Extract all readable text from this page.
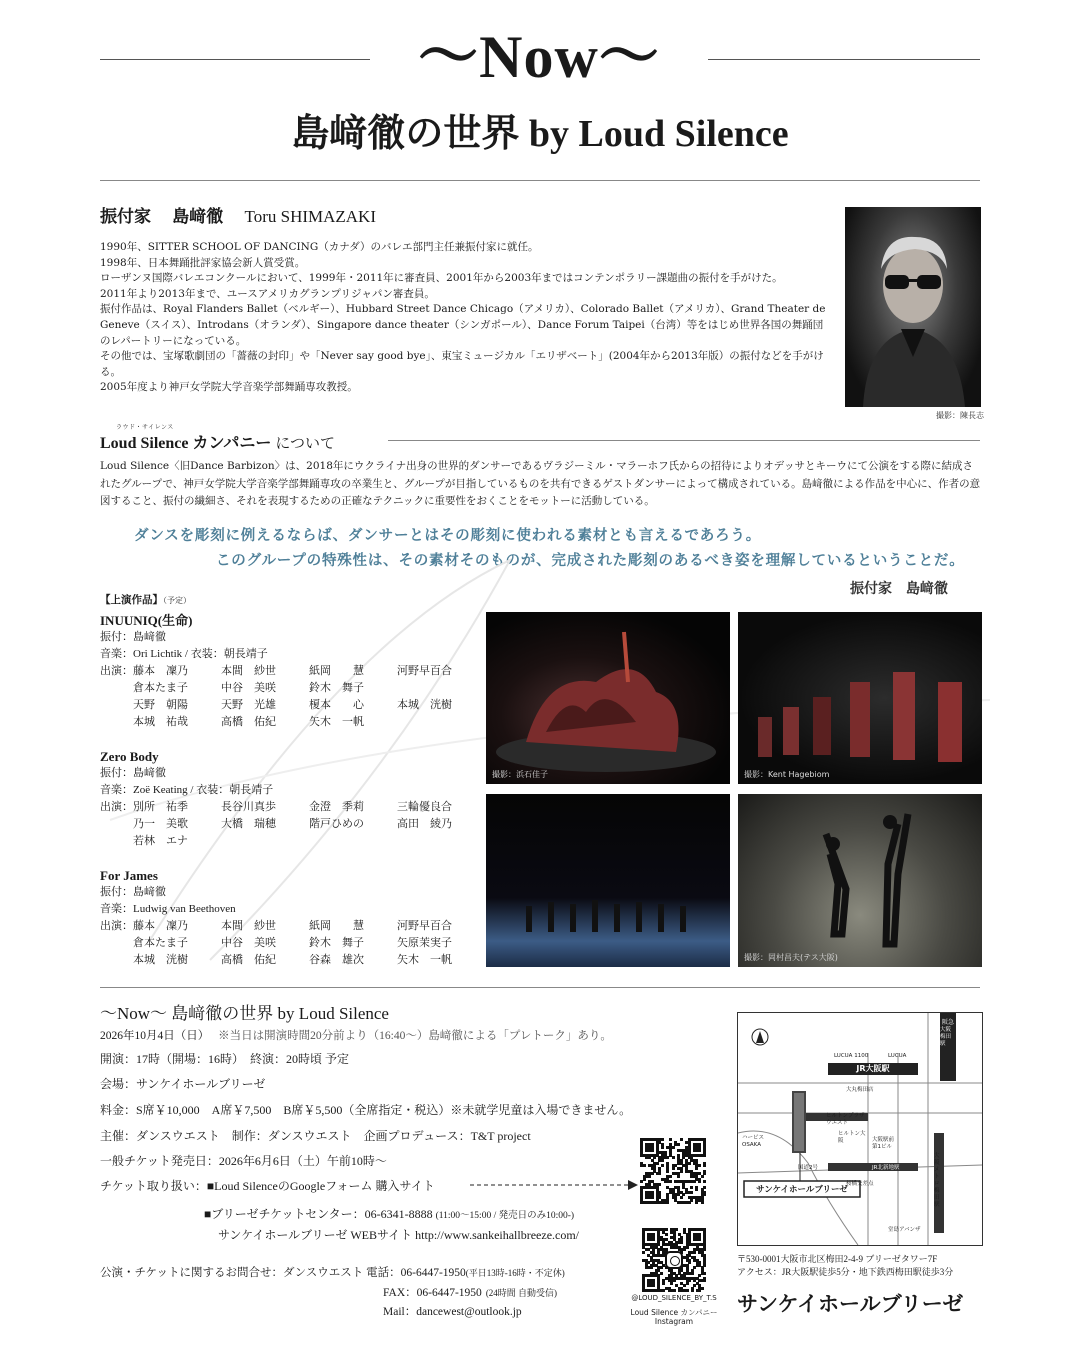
〜Now〜
島﨑徹の世界 by Loud Silence
振付家　 島﨑徹　 Toru SHIMAZAKI

1990年、SITTER SCHOOL OF DANCING（カナダ）のバレエ部門主任兼振付家に就任。

1998年、日本舞踊批評家協会新人賞受賞。

ローザンヌ国際バレエコンクールにおいて、1999年・2011年に審査員、2001年から2003年まではコンテンポラリー課題曲の振付を手がけた。

2011年より2013年まで、ユースアメリカグランプリジャパン審査員。

振付作品は、Royal Flanders Ballet（ベルギー）、Hubbard Street Dance Chicago（アメリカ）、Colorado Ballet（アメリカ）、Grand Theater de Geneve（スイス）、Introdans（オランダ）、Singapore dance theater（シンガポール）、Dance Forum Taipei（台湾）等をはじめ世界各国の舞踊団のレパートリーになっている。

その他では、宝塚歌劇団の「薔薇の封印」や「Never say good bye」、東宝ミュージカル「エリザベート」(2004年から2013年版）の振付などを手がける。

2005年度より神戸女学院大学音楽学部舞踊専攻教授。

撮影：陳長志
ラウド・サイレンス
Loud Silence カンパニー について
Loud Silence〈旧Dance Barbizon〉は、2018年にウクライナ出身の世界的ダンサーであるヴラジーミル・マラーホフ氏からの招待によりオデッサとキーウにて公演をする際に結成されたグループで、神戸女学院大学音楽学部舞踊専攻の卒業生と、グループが目指しているものを共有できるゲストダンサーによって構成されている。島﨑徹による作品を中心に、作者の意図すること、振付の繊細さ、それを表現するための正確なテクニックに重要性をおくことをモットーに活動している。
ダンスを彫刻に例えるならば、ダンサーとはその彫刻に使われる素材とも言えるであろう。
このグループの特殊性は、その素材そのものが、完成された彫刻のあるべき姿を理解しているということだ。
振付家　島﨑徹
【上演作品】（予定）
INUUNIQ(生命)
振付：島﨑徹
音楽：Ori Lichtik / 衣装：朝長靖子
出演：	藤本　凜乃	本間　紗世	紙岡　　慧	河野早百合
	倉本たま子	中谷　美咲	鈴木　舞子	
	天野　朝陽	天野　光雄	榎本　　心	本城　洸樹
	本城　祐哉	高橋　佑紀	矢木　一帆	
Zero Body
振付：島﨑徹
音楽：Zoë Keating / 衣装：朝長靖子
出演：	別所　祐季	長谷川真歩	金澄　季莉	三輪優良合
	乃一　美歌	大橋　瑞穂	階戸ひめの	高田　綾乃
	若林　エナ			
For James
振付：島﨑徹
音楽：Ludwig van Beethoven
出演：	藤本　凜乃	本間　紗世	紙岡　　慧	河野早百合
	倉本たま子	中谷　美咲	鈴木　舞子	矢原茉実子
	本城　洸樹	高橋　佑紀	谷森　雄次	矢木　一帆
撮影：浜石佳子	撮影：Kent Hagebiom
撮影：岡村昌夫(テス大阪)
〜Now〜 島﨑徹の世界 by Loud Silence
2026年10月4日（日） ※当日は開演時間20分前より（16:40〜）島﨑徹による「プレトーク」あり。
開演：17時（開場：16時）　終演：20時頃 予定
会場：サンケイホールブリーゼ
料金：S席￥10,000　A席￥7,500　B席￥5,500（全席指定・税込）※未就学児童は入場できません。
主催：ダンスウエスト　制作：ダンスウエスト　企画プロデュース：T&T project
一般チケット発売日：2026年6月6日（土）午前10時〜
チケット取り扱い：■Loud SilenceのGoogleフォーム 購入サイト
■ブリーゼチケットセンター：06-6341-8888 (11:00〜15:00 / 発売日のみ10:00-)
サンケイホールブリーゼ WEBサイト http://www.sankeihallbreeze.com/
公演・チケットに関するお問合せ：ダンスウエスト 電話：06-6447-1950(平日13時-16時・不定休)
FAX：06-6447-1950 (24時間 自動受信)
Mail：dancewest@outlook.jp
@LOUD_SILENCE_BY_T.S
Loud Silence カンパニー
Instagram
JR大阪駅
LUCUA 1100	LUCUA
大丸梅田店
阪急
大阪梅田駅
ヒルトンプラザウエスト
ヒルトン大阪
ハービスOSAKA
大阪駅前第1ビル
桜橋交差点
大阪メトロ 梅田駅
JR北新地駅
堂島アバンザ
国道2号
サンケイホールブリーゼ
〒530-0001大阪市北区梅田2-4-9 ブリーゼタワー7F
アクセス：JR大阪駅徒歩5分・地下鉄西梅田駅徒歩3分
サンケイホールブリーゼ
